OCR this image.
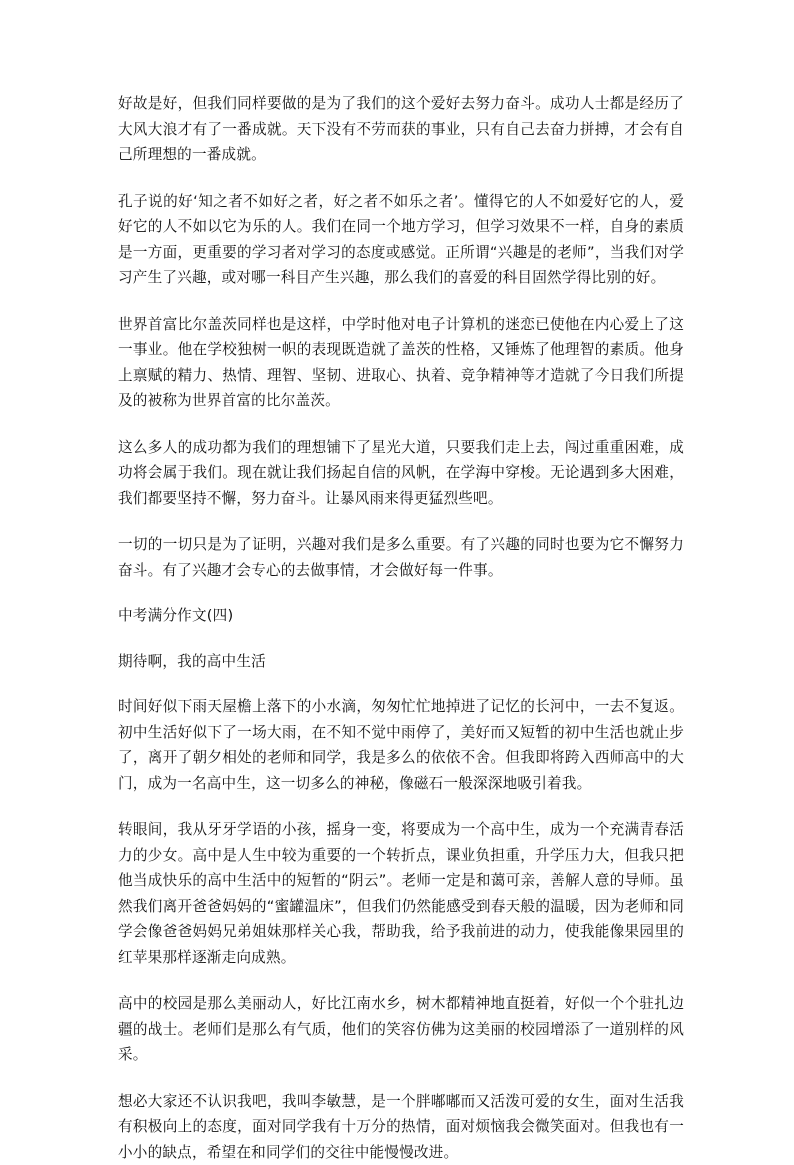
好故是好，但我们同样要做的是为了我们的这个爱好去努力奋斗。成功人士都是经历了大风大浪才有了一番成就。天下没有不劳而获的事业，只有自己去奋力拼搏，才会有自己所理想的一番成就。

孔子说的好‘知之者不如好之者，好之者不如乐之者’。懂得它的人不如爱好它的人，爱好它的人不如以它为乐的人。我们在同一个地方学习，但学习效果不一样，自身的素质是一方面，更重要的学习者对学习的态度或感觉。正所谓“兴趣是的老师”，当我们对学习产生了兴趣，或对哪一科目产生兴趣，那么我们的喜爱的科目固然学得比别的好。

世界首富比尔盖茨同样也是这样，中学时他对电子计算机的迷恋已使他在内心爱上了这一事业。他在学校独树一帜的表现既造就了盖茨的性格，又锤炼了他理智的素质。他身上禀赋的精力、热情、理智、坚韧、进取心、执着、竞争精神等才造就了今日我们所提及的被称为世界首富的比尔盖茨。

这么多人的成功都为我们的理想铺下了星光大道，只要我们走上去，闯过重重困难，成功将会属于我们。现在就让我们扬起自信的风帆，在学海中穿梭。无论遇到多大困难，我们都要坚持不懈，努力奋斗。让暴风雨来得更猛烈些吧。

一切的一切只是为了证明，兴趣对我们是多么重要。有了兴趣的同时也要为它不懈努力奋斗。有了兴趣才会专心的去做事情，才会做好每一件事。

中考满分作文(四)

期待啊，我的高中生活

时间好似下雨天屋檐上落下的小水滴，匆匆忙忙地掉进了记忆的长河中，一去不复返。初中生活好似下了一场大雨，在不知不觉中雨停了，美好而又短暂的初中生活也就止步了，离开了朝夕相处的老师和同学，我是多么的依依不舍。但我即将跨入西师高中的大门，成为一名高中生，这一切多么的神秘，像磁石一般深深地吸引着我。

转眼间，我从牙牙学语的小孩，摇身一变，将要成为一个高中生，成为一个充满青春活力的少女。高中是人生中较为重要的一个转折点，课业负担重，升学压力大，但我只把他当成快乐的高中生活中的短暂的“阴云”。老师一定是和蔼可亲，善解人意的导师。虽然我们离开爸爸妈妈的“蜜罐温床”，但我们仍然能感受到春天般的温暖，因为老师和同学会像爸爸妈妈兄弟姐妹那样关心我，帮助我，给予我前进的动力，使我能像果园里的红苹果那样逐渐走向成熟。

高中的校园是那么美丽动人，好比江南水乡，树木都精神地直挺着，好似一个个驻扎边疆的战士。老师们是那么有气质，他们的笑容仿佛为这美丽的校园增添了一道别样的风采。

想必大家还不认识我吧，我叫李敏慧，是一个胖嘟嘟而又活泼可爱的女生，面对生活我有积极向上的态度，面对同学我有十万分的热情，面对烦恼我会微笑面对。但我也有一小小的缺点，希望在和同学们的交往中能慢慢改进。
